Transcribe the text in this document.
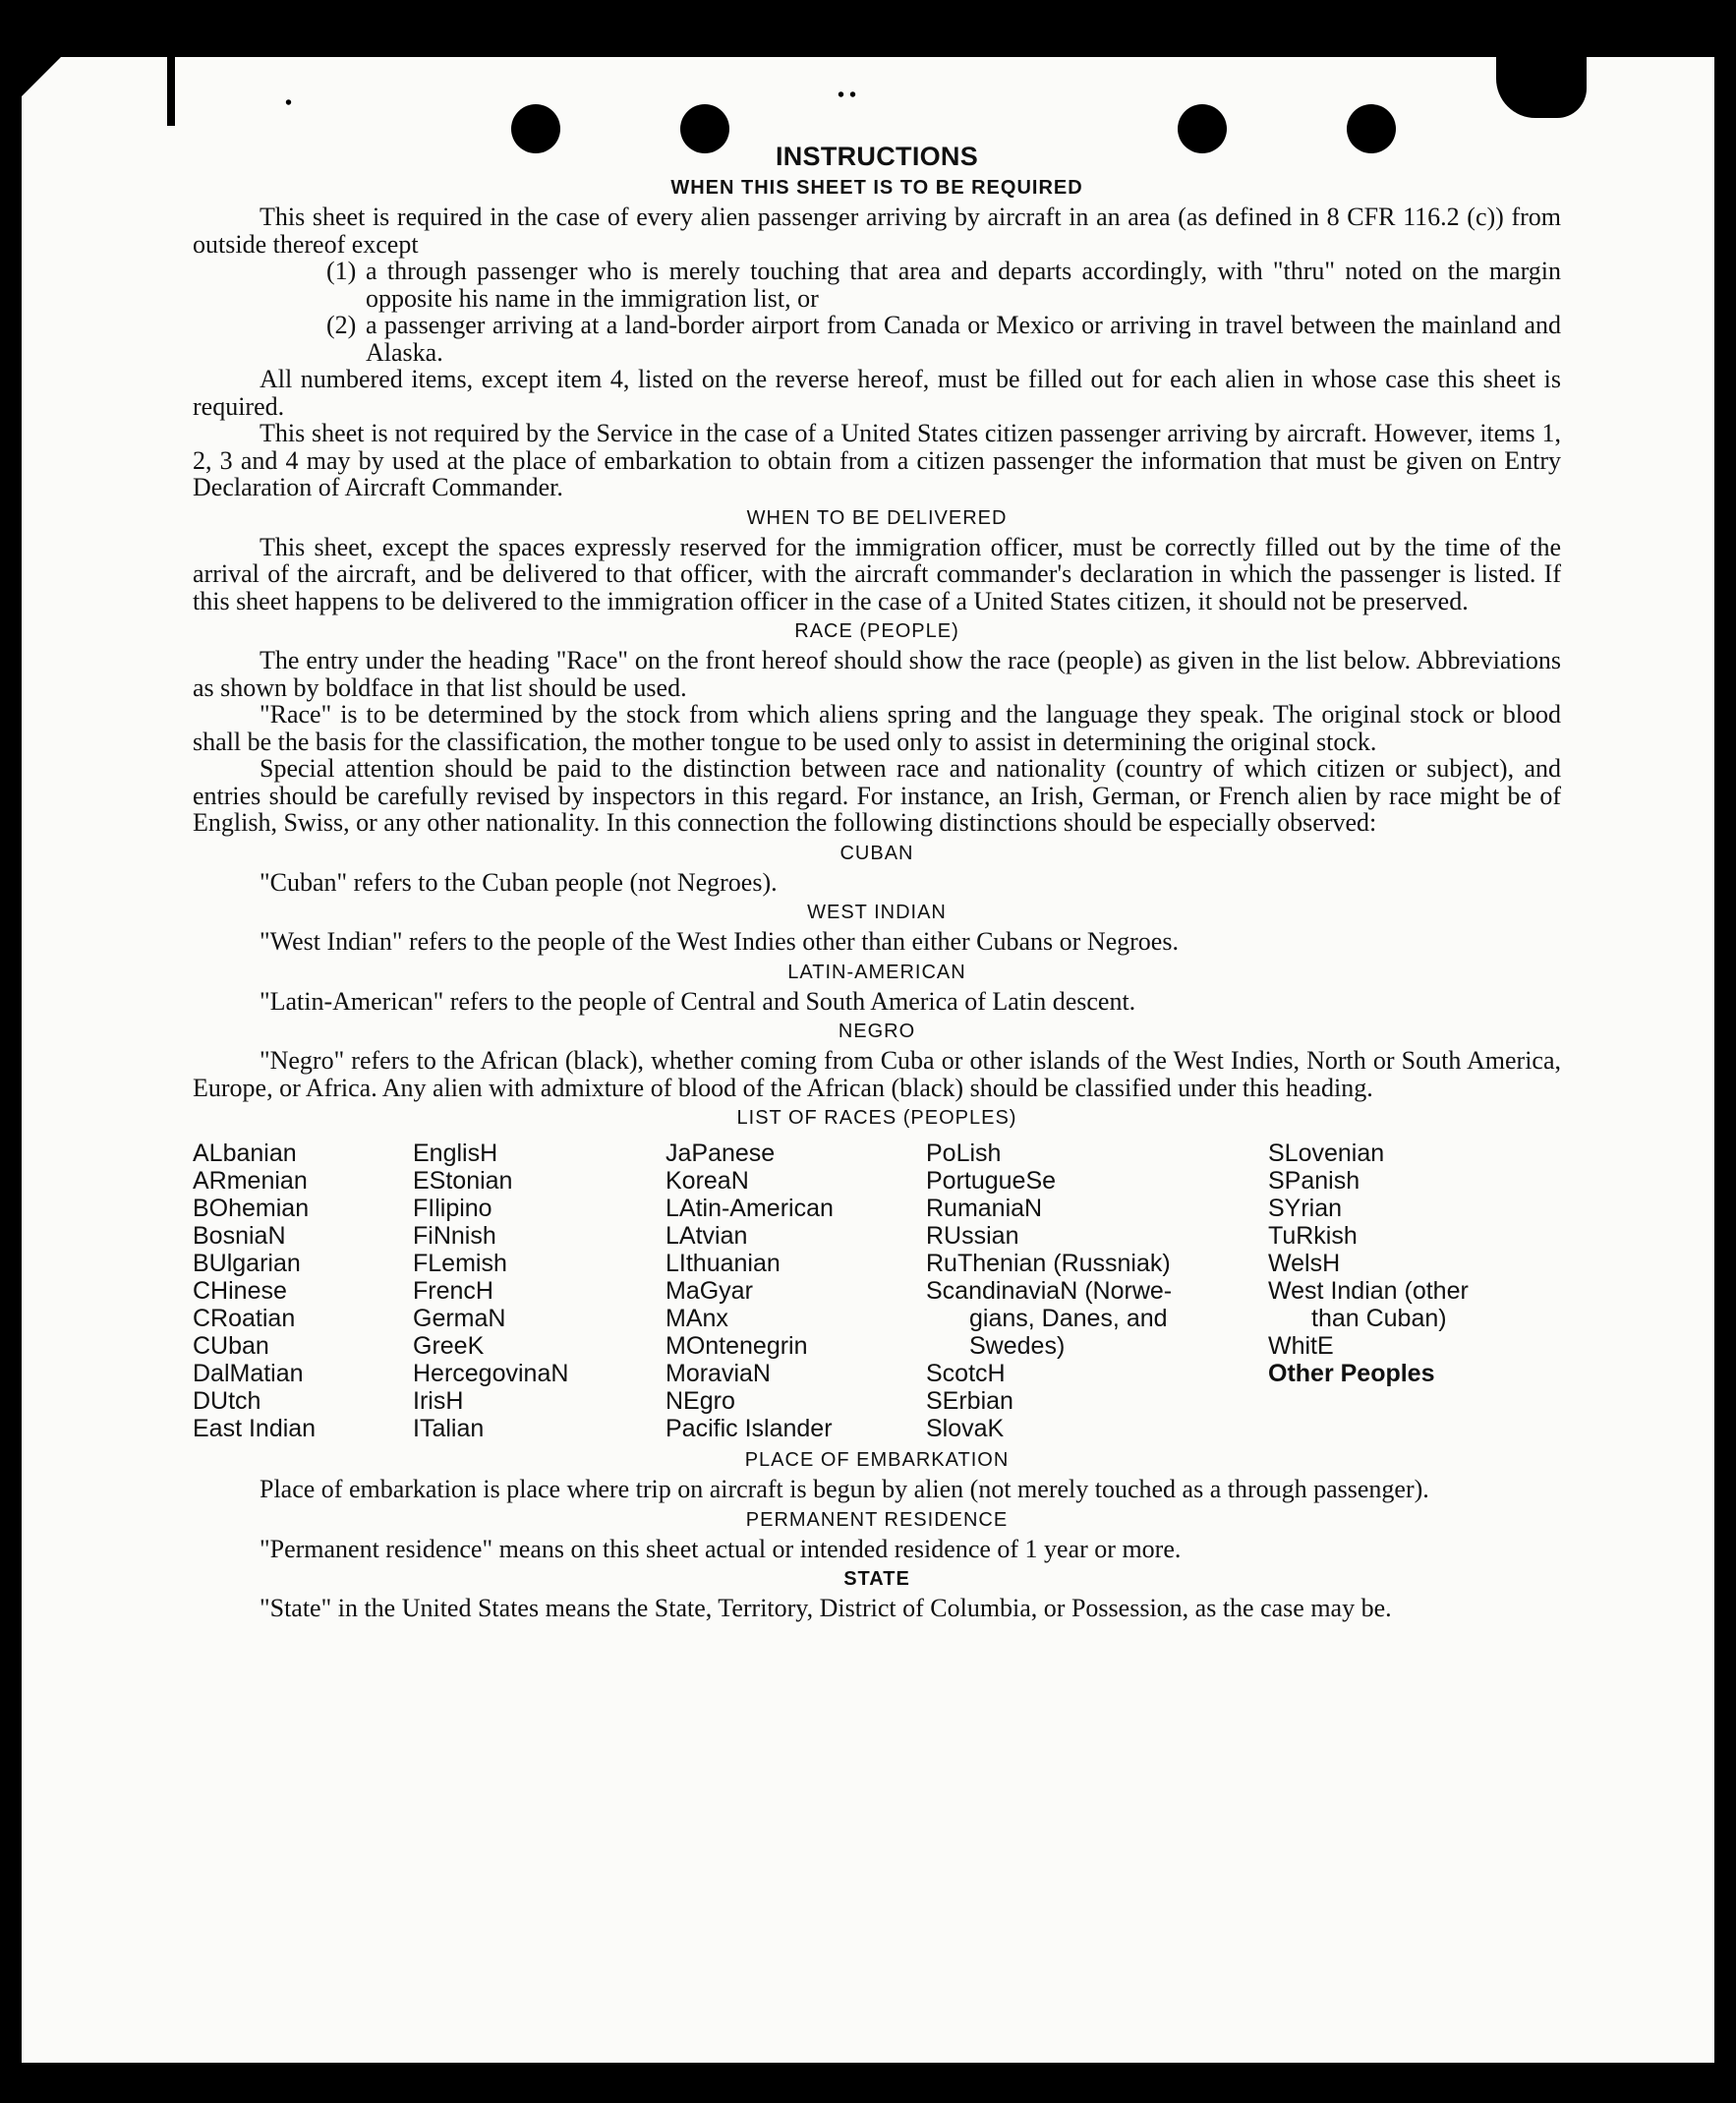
• •
•
INSTRUCTIONS
WHEN THIS SHEET IS TO BE REQUIRED

This sheet is required in the case of every alien passenger arriving by aircraft in an area (as defined in 8 CFR 116.2 (c)) from outside thereof except

(1) a through passenger who is merely touching that area and departs accordingly, with "thru" noted on the margin opposite his name in the immigration list, or
(2) a passenger arriving at a land-border airport from Canada or Mexico or arriving in travel between the mainland and Alaska.

All numbered items, except item 4, listed on the reverse hereof, must be filled out for each alien in whose case this sheet is required.

This sheet is not required by the Service in the case of a United States citizen passenger arriving by aircraft. However, items 1, 2, 3 and 4 may by used at the place of embarkation to obtain from a citizen passenger the information that must be given on Entry Declaration of Aircraft Commander.

WHEN TO BE DELIVERED

This sheet, except the spaces expressly reserved for the immigration officer, must be correctly filled out by the time of the arrival of the aircraft, and be delivered to that officer, with the aircraft commander's declaration in which the passenger is listed. If this sheet happens to be delivered to the immigration officer in the case of a United States citizen, it should not be preserved.

RACE (PEOPLE)

The entry under the heading "Race" on the front hereof should show the race (people) as given in the list below. Abbreviations as shown by boldface in that list should be used.

"Race" is to be determined by the stock from which aliens spring and the language they speak. The original stock or blood shall be the basis for the classification, the mother tongue to be used only to assist in determining the original stock.

Special attention should be paid to the distinction between race and nationality (country of which citizen or subject), and entries should be carefully revised by inspectors in this regard. For instance, an Irish, German, or French alien by race might be of English, Swiss, or any other nationality. In this connection the following distinctions should be especially observed:

CUBAN

"Cuban" refers to the Cuban people (not Negroes).

WEST INDIAN

"West Indian" refers to the people of the West Indies other than either Cubans or Negroes.

LATIN-AMERICAN

"Latin-American" refers to the people of Central and South America of Latin descent.

NEGRO

"Negro" refers to the African (black), whether coming from Cuba or other islands of the West Indies, North or South America, Europe, or Africa. Any alien with admixture of blood of the African (black) should be classified under this heading.

LIST OF RACES (PEOPLES)
ALbanian
ARmenian
BOhemian
BosniaN
BUlgarian
CHinese
CRoatian
CUban
DalMatian
DUtch
East Indian
EnglisH
EStonian
FIlipino
FiNnish
FLemish
FrencH
GermaN
GreeK
HercegovinaN
IrisH
ITalian
JaPanese
KoreaN
LAtin-American
LAtvian
LIthuanian
MaGyar
MAnx
MOntenegrin
MoraviaN
NEgro
Pacific Islander
PoLish
PortugueSe
RumaniaN
RUssian
RuThenian (Russniak)
ScandinaviaN (Norwe-
gians, Danes, and
Swedes)
ScotcH
SErbian
SlovaK
SLovenian
SPanish
SYrian
TuRkish
WelsH
West Indian (other
than Cuban)
WhitE
Other Peoples
PLACE OF EMBARKATION

Place of embarkation is place where trip on aircraft is begun by alien (not merely touched as a through passenger).

PERMANENT RESIDENCE

"Permanent residence" means on this sheet actual or intended residence of 1 year or more.

STATE

"State" in the United States means the State, Territory, District of Columbia, or Possession, as the case may be.
